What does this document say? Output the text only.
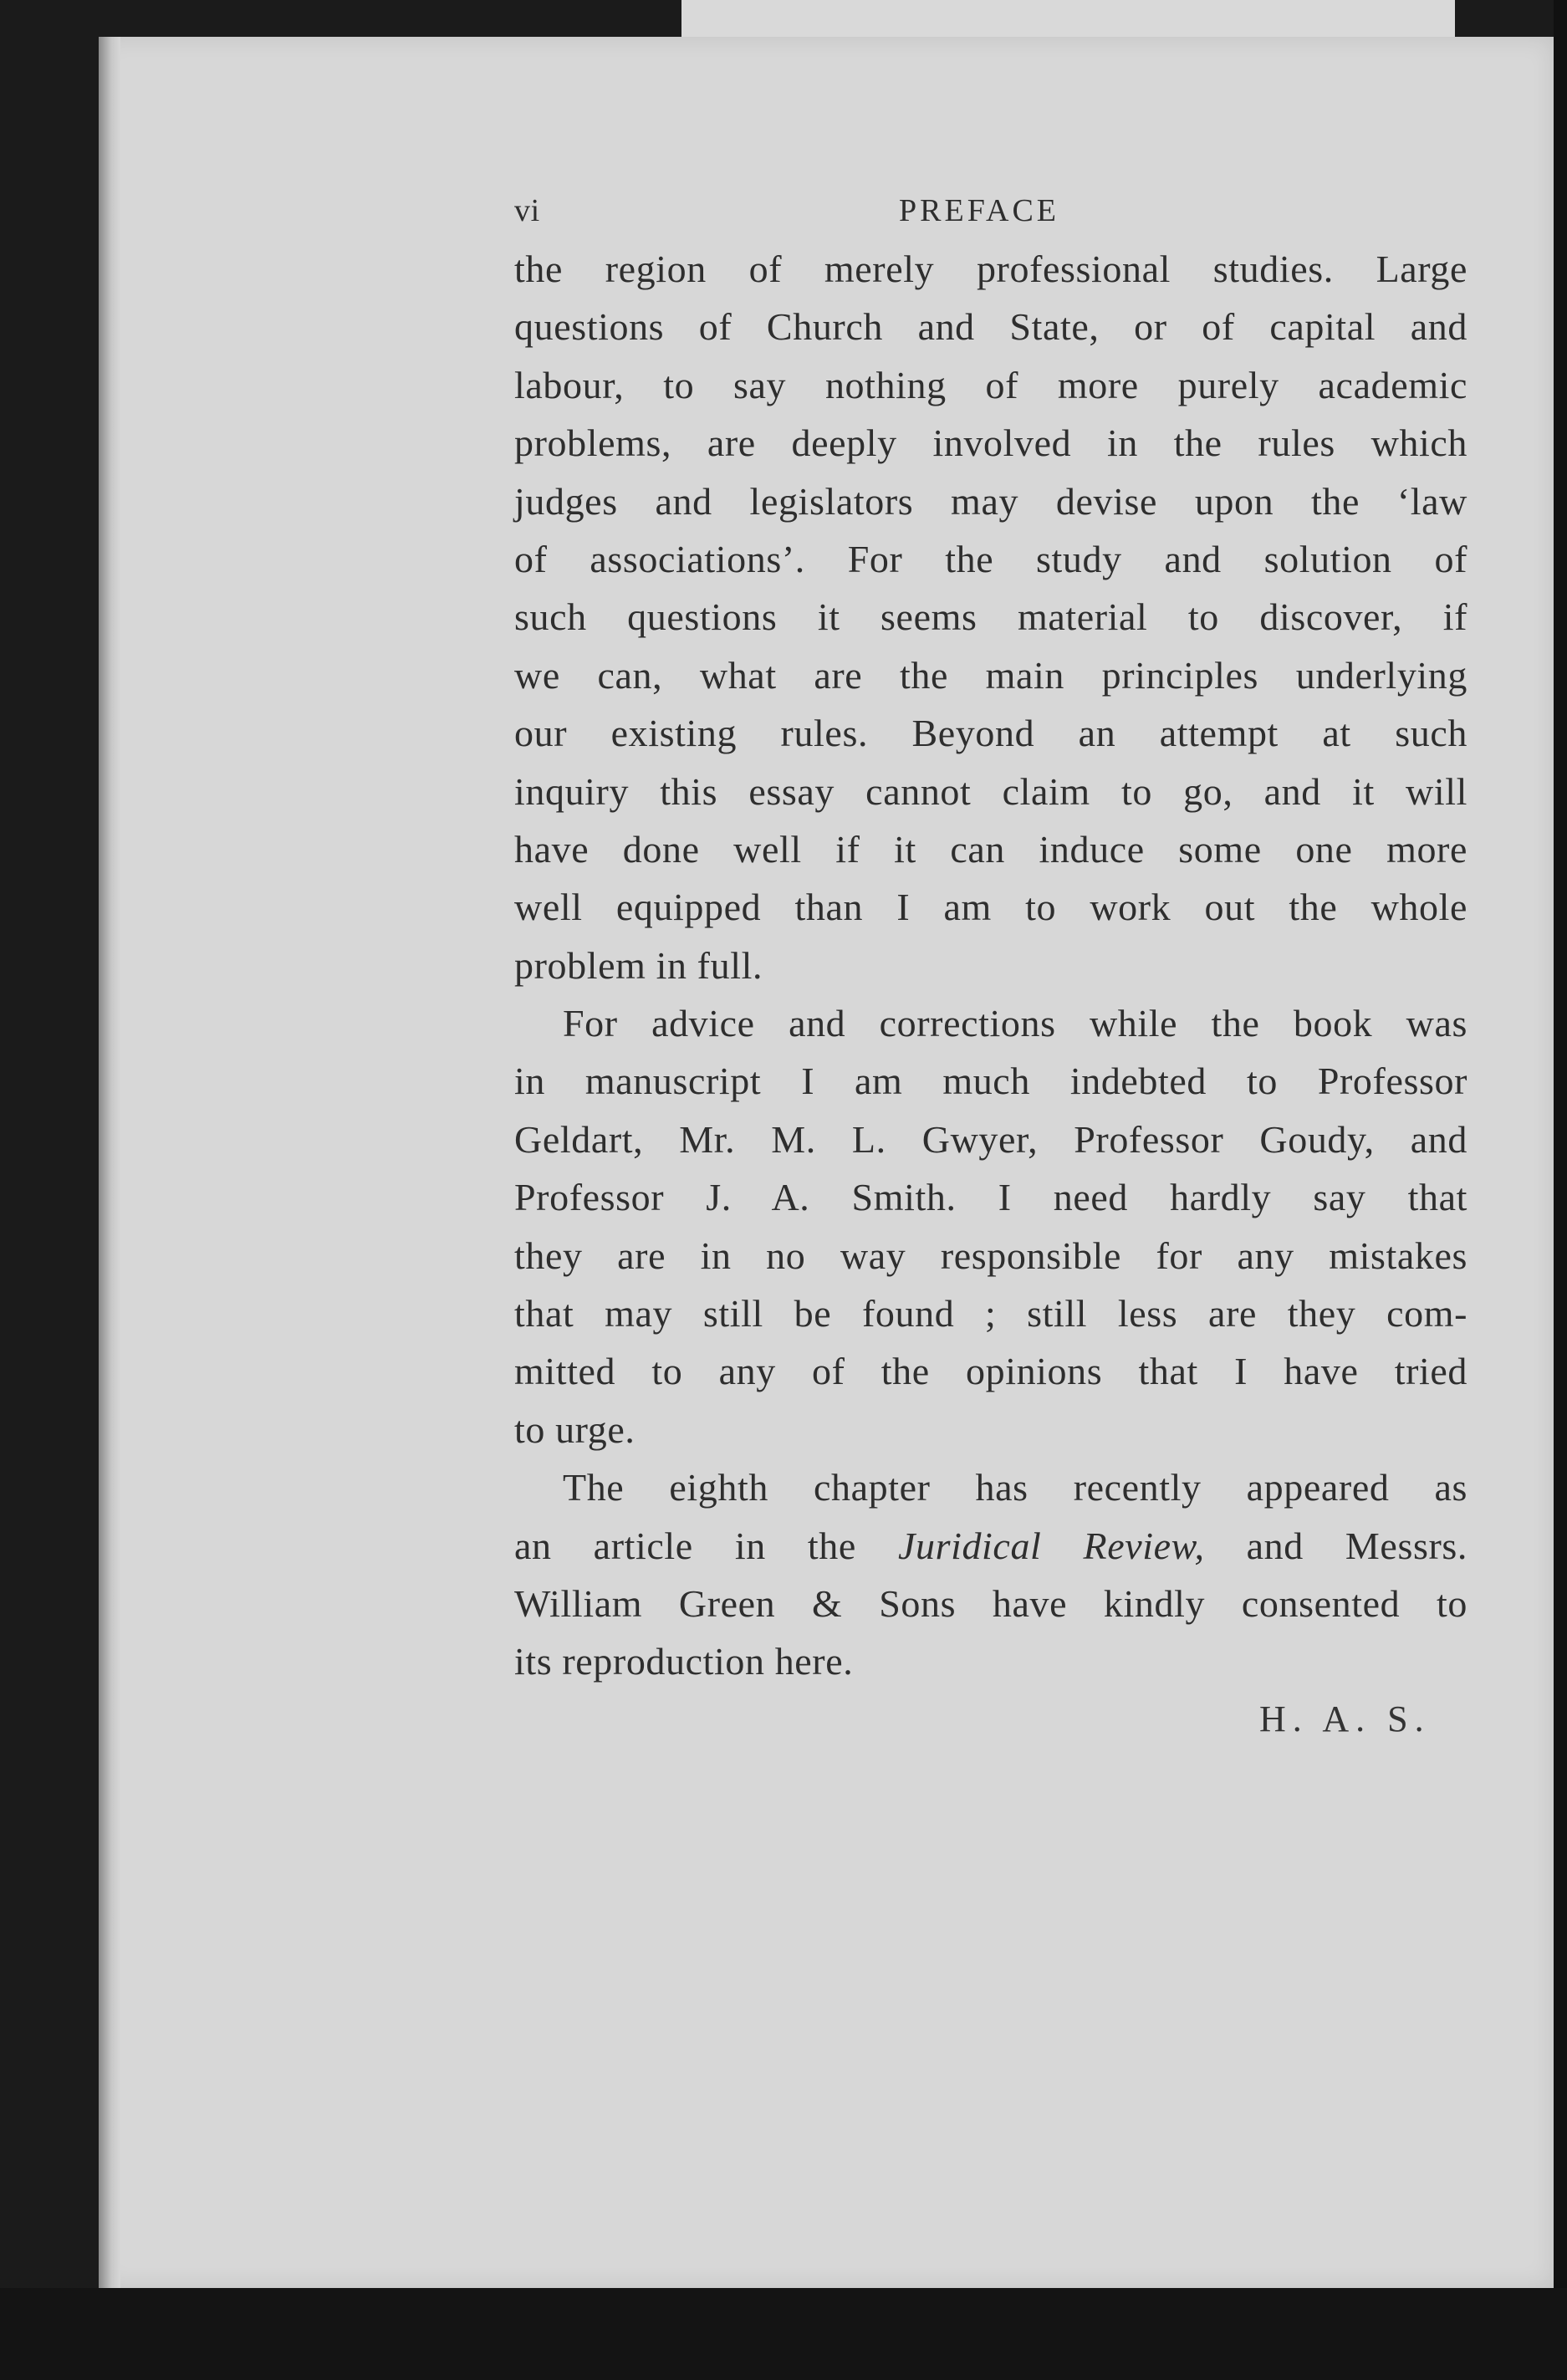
vi	PREFACE
the region of merely professional studies. Large
questions of Church and State, or of capital and
labour, to say nothing of more purely academic
problems, are deeply involved in the rules which
judges and legislators may devise upon the ‘law
of associations’. For the study and solution of
such questions it seems material to discover, if
we can, what are the main principles underlying
our existing rules. Beyond an attempt at such
inquiry this essay cannot claim to go, and it will
have done well if it can induce some one more
well equipped than I am to work out the whole
problem in full.
For advice and corrections while the book was
in manuscript I am much indebted to Professor
Geldart, Mr. M. L. Gwyer, Professor Goudy, and
Professor J. A. Smith. I need hardly say that
they are in no way responsible for any mistakes
that may still be found ; still less are they com-
mitted to any of the opinions that I have tried
to urge.
The eighth chapter has recently appeared as
an article in the Juridical Review, and Messrs.
William Green & Sons have kindly consented to
its reproduction here.
H. A. S.
